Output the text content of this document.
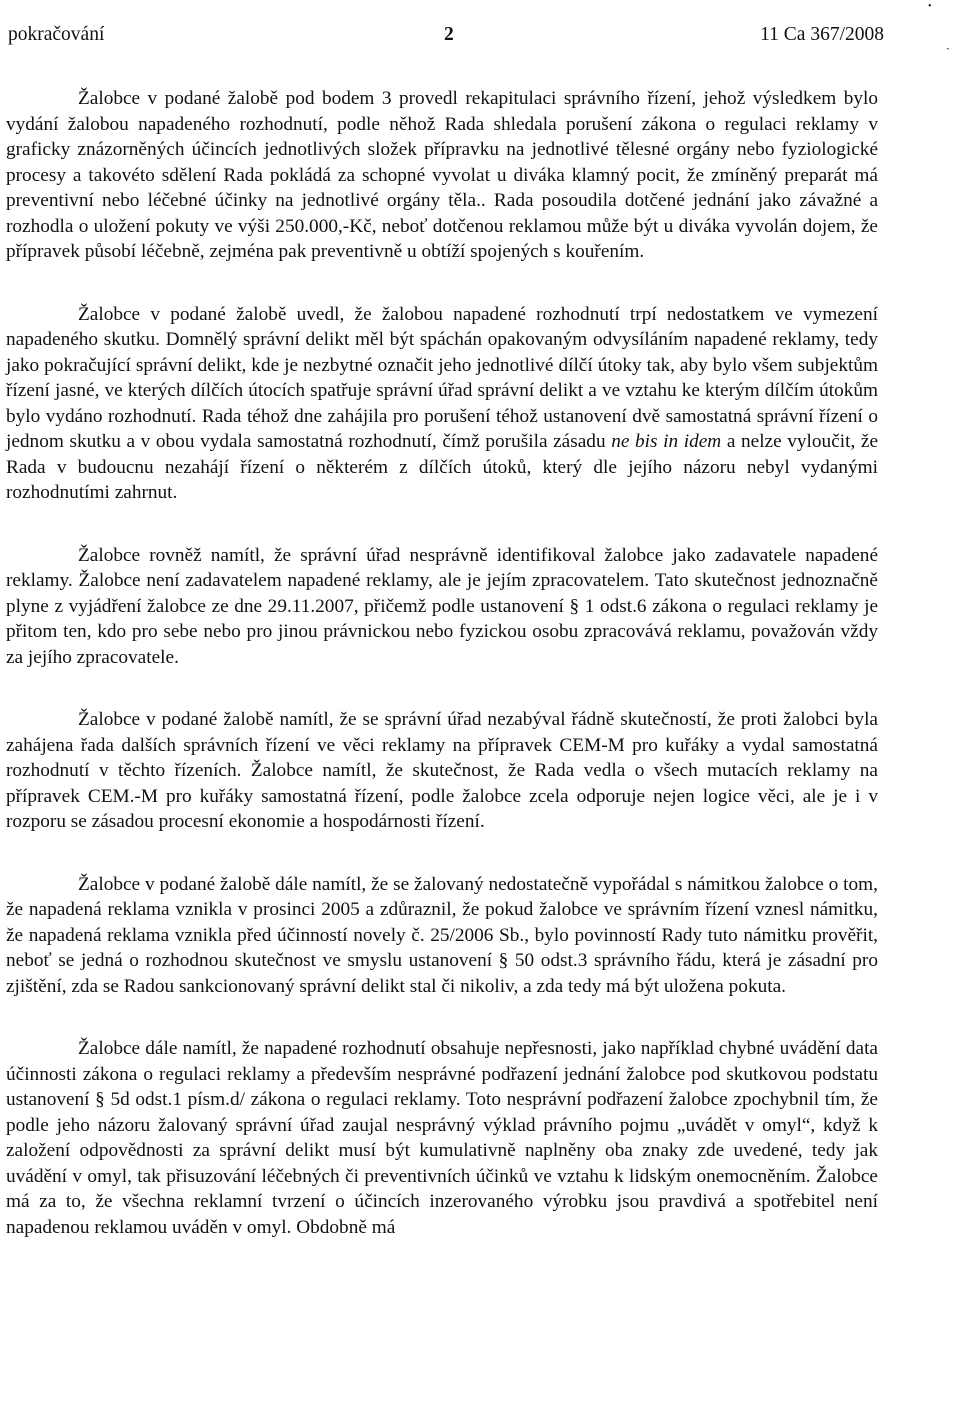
•
-
pokračování	2	11 Ca 367/2008

Žalobce v podané žalobě pod bodem 3 provedl rekapitulaci správního řízení, jehož výsledkem bylo vydání žalobou napadeného rozhodnutí, podle něhož Rada shledala porušení zákona o regulaci reklamy v graficky znázorněných účincích jednotlivých složek přípravku na jednotlivé tělesné orgány nebo fyziologické procesy a takovéto sdělení Rada pokládá za schopné vyvolat u diváka klamný pocit, že zmíněný preparát má preventivní nebo léčebné účinky na jednotlivé orgány těla.. Rada posoudila dotčené jednání jako závažné a rozhodla o uložení pokuty ve výši 250.000,-Kč, neboť dotčenou reklamou může být u diváka vyvolán dojem, že přípravek působí léčebně, zejména pak preventivně u obtíží spojených s kouřením.

Žalobce v podané žalobě uvedl, že žalobou napadené rozhodnutí trpí nedostatkem ve vymezení napadeného skutku. Domnělý správní delikt měl být spáchán opakovaným odvysíláním napadené reklamy, tedy jako pokračující správní delikt, kde je nezbytné označit jeho jednotlivé dílčí útoky tak, aby bylo všem subjektům řízení jasné, ve kterých dílčích útocích spatřuje správní úřad správní delikt a ve vztahu ke kterým dílčím útokům bylo vydáno rozhodnutí. Rada téhož dne zahájila pro porušení téhož ustanovení dvě samostatná správní řízení o jednom skutku a v obou vydala samostatná rozhodnutí, čímž porušila zásadu ne bis in idem a nelze vyloučit, že Rada v budoucnu nezahájí řízení o některém z dílčích útoků, který dle jejího názoru nebyl vydanými rozhodnutími zahrnut.

Žalobce rovněž namítl, že správní úřad nesprávně identifikoval žalobce jako zadavatele napadené reklamy. Žalobce není zadavatelem napadené reklamy, ale je jejím zpracovatelem. Tato skutečnost jednoznačně plyne z vyjádření žalobce ze dne 29.11.2007, přičemž podle ustanovení § 1 odst.6 zákona o regulaci reklamy je přitom ten, kdo pro sebe nebo pro jinou právnickou nebo fyzickou osobu zpracovává reklamu, považován vždy za jejího zpracovatele.

Žalobce v podané žalobě namítl, že se správní úřad nezabýval řádně skutečností, že proti žalobci byla zahájena řada dalších správních řízení ve věci reklamy na přípravek CEM-M pro kuřáky a vydal samostatná rozhodnutí v těchto řízeních. Žalobce namítl, že skutečnost, že Rada vedla o všech mutacích reklamy na přípravek CEM.-M pro kuřáky samostatná řízení, podle žalobce zcela odporuje nejen logice věci, ale je i v rozporu se zásadou procesní ekonomie a hospodárnosti řízení.

Žalobce v podané žalobě dále namítl, že se žalovaný nedostatečně vypořádal s námitkou žalobce o tom, že napadená reklama vznikla v prosinci 2005 a zdůraznil, že pokud žalobce ve správním řízení vznesl námitku, že napadená reklama vznikla před účinností novely č. 25/2006 Sb., bylo povinností Rady tuto námitku prověřit, neboť se jedná o rozhodnou skutečnost ve smyslu ustanovení § 50 odst.3 správního řádu, která je zásadní pro zjištění, zda se Radou sankcionovaný správní delikt stal či nikoliv, a zda tedy má být uložena pokuta.

Žalobce dále namítl, že napadené rozhodnutí obsahuje nepřesnosti, jako například chybné uvádění data účinnosti zákona o regulaci reklamy a především nesprávné podřazení jednání žalobce pod skutkovou podstatu ustanovení § 5d odst.1 písm.d/ zákona o regulaci reklamy. Toto nesprávní podřazení žalobce zpochybnil tím, že podle jeho názoru žalovaný správní úřad zaujal nesprávný výklad právního pojmu „uvádět v omyl“, když k založení odpovědnosti za správní delikt musí být kumulativně naplněny oba znaky zde uvedené, tedy jak uvádění v omyl, tak přisuzování léčebných či preventivních účinků ve vztahu k lidským onemocněním. Žalobce má za to, že všechna reklamní tvrzení o účincích inzerovaného výrobku jsou pravdivá a spotřebitel není napadenou reklamou uváděn v omyl. Obdobně má
